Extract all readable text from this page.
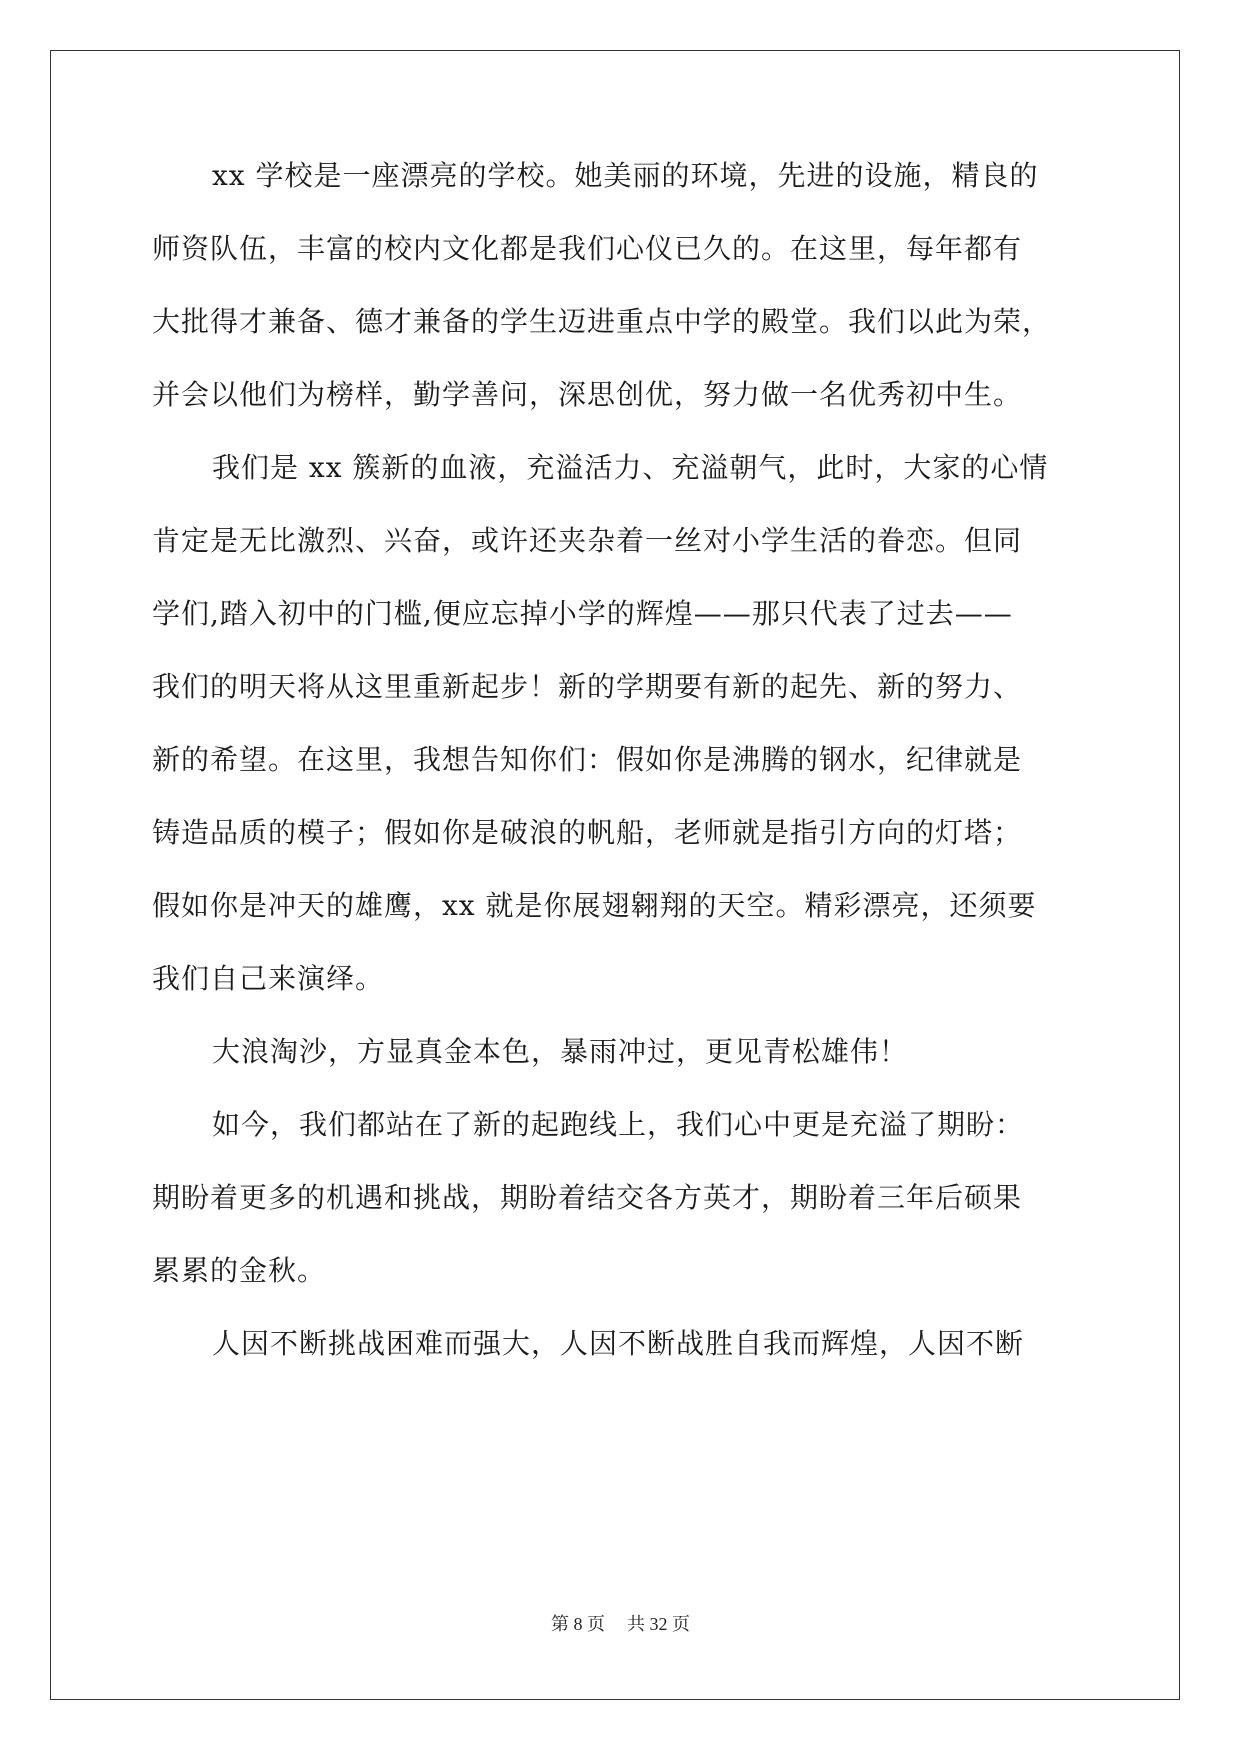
xx 学校是一座漂亮的学校。她美丽的环境，先进的设施，精良的
师资队伍，丰富的校内文化都是我们心仪已久的。在这里，每年都有
大批得才兼备、德才兼备的学生迈进重点中学的殿堂。我们以此为荣，
并会以他们为榜样，勤学善问，深思创优，努力做一名优秀初中生。
我们是 xx 簇新的血液，充溢活力、充溢朝气，此时，大家的心情
肯定是无比激烈、兴奋，或许还夹杂着一丝对小学生活的眷恋。但同
学们,踏入初中的门槛,便应忘掉小学的辉煌——那只代表了过去——
我们的明天将从这里重新起步！新的学期要有新的起先、新的努力、
新的希望。在这里，我想告知你们：假如你是沸腾的钢水，纪律就是
铸造品质的模子；假如你是破浪的帆船，老师就是指引方向的灯塔；
假如你是冲天的雄鹰，xx 就是你展翅翱翔的天空。精彩漂亮，还须要
我们自己来演绎。
大浪淘沙，方显真金本色，暴雨冲过，更见青松雄伟！
如今，我们都站在了新的起跑线上，我们心中更是充溢了期盼：
期盼着更多的机遇和挑战，期盼着结交各方英才，期盼着三年后硕果
累累的金秋。
人因不断挑战困难而强大，人因不断战胜自我而辉煌，人因不断
第 8 页 共 32 页
